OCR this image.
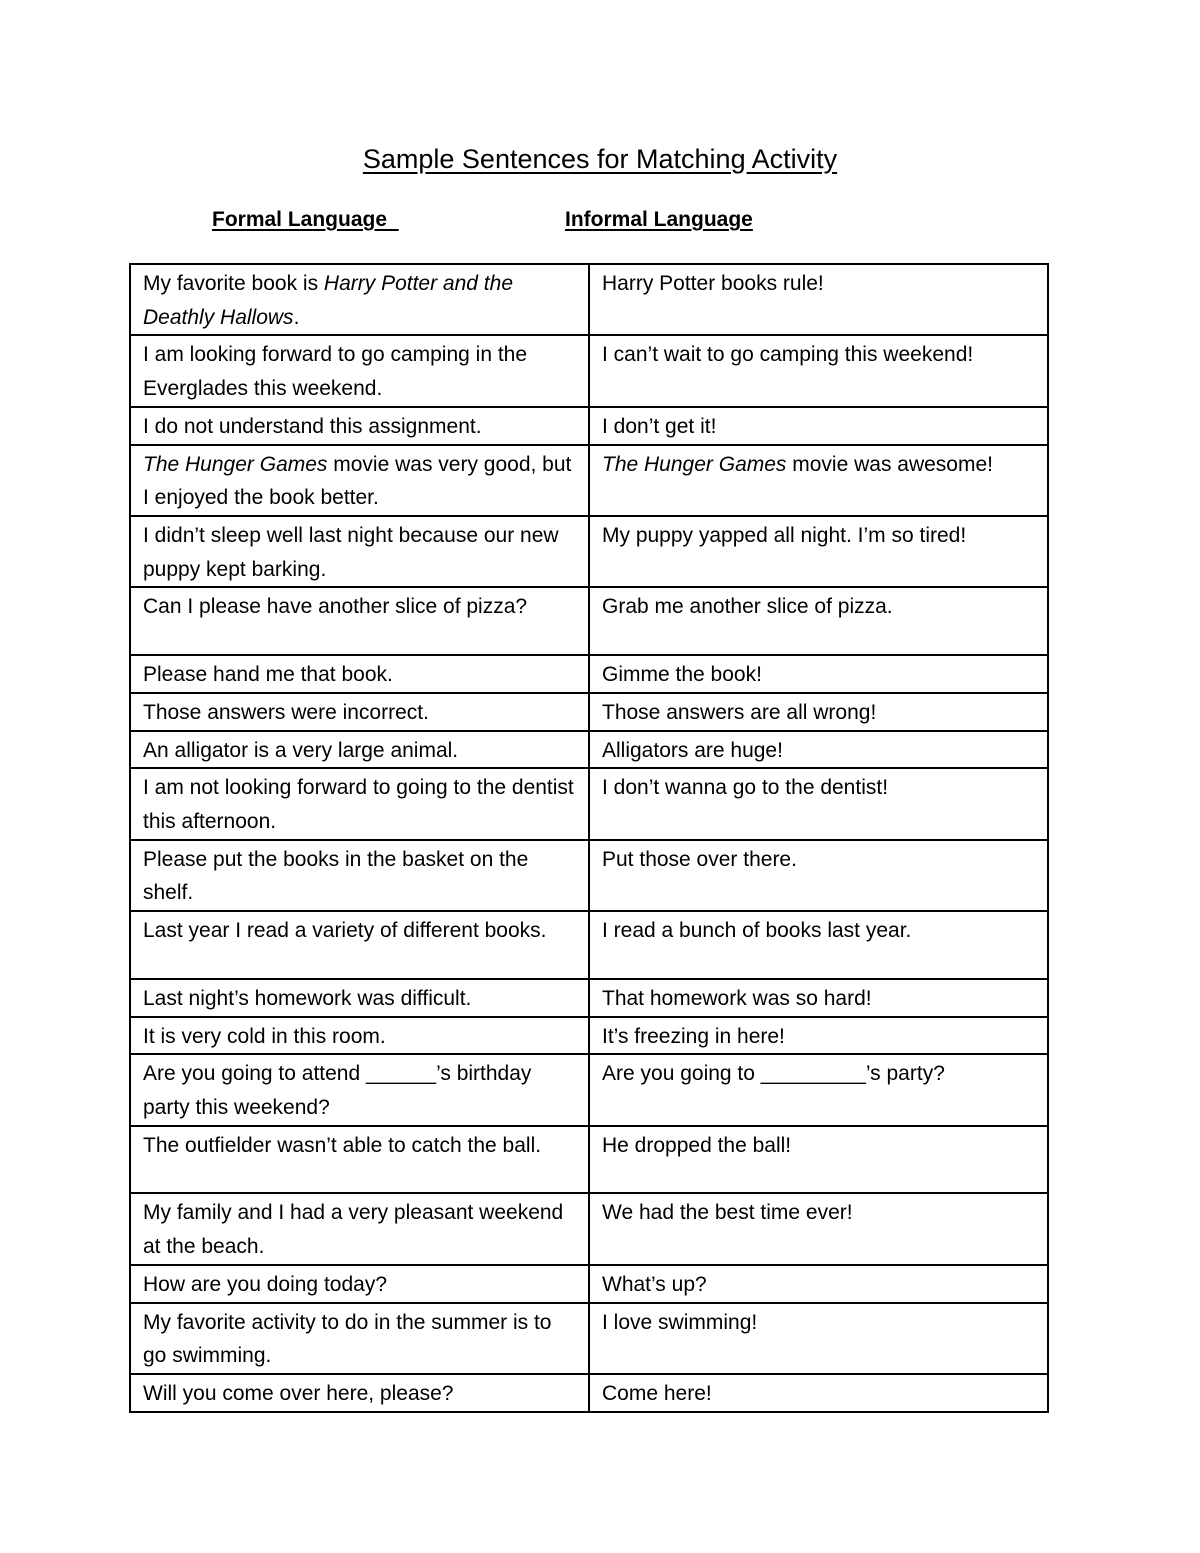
Sample Sentences for Matching Activity
Formal Language	Informal Language
My favorite book is Harry Potter and the Deathly Hallows.	Harry Potter books rule!
I am looking forward to go camping in the Everglades this weekend.	I can’t wait to go camping this weekend!
I do not understand this assignment.	I don’t get it!
The Hunger Games movie was very good, but I enjoyed the book better.	The Hunger Games movie was awesome!
I didn’t sleep well last night because our new puppy kept barking.	My puppy yapped all night. I’m so tired!
Can I please have another slice of pizza?	Grab me another slice of pizza.
Please hand me that book.	Gimme the book!
Those answers were incorrect.	Those answers are all wrong!
An alligator is a very large animal.	Alligators are huge!
I am not looking forward to going to the dentist this afternoon.	I don’t wanna go to the dentist!
Please put the books in the basket on the shelf.	Put those over there.
Last year I read a variety of different books.	I read a bunch of books last year.
Last night’s homework was difficult.	That homework was so hard!
It is very cold in this room.	It’s freezing in here!
Are you going to attend ______’s birthday party this weekend?	Are you going to _________’s party?
The outfielder wasn’t able to catch the ball.	He dropped the ball!
My family and I had a very pleasant weekend at the beach.	We had the best time ever!
How are you doing today?	What’s up?
My favorite activity to do in the summer is to go swimming.	I love swimming!
Will you come over here, please?	Come here!
